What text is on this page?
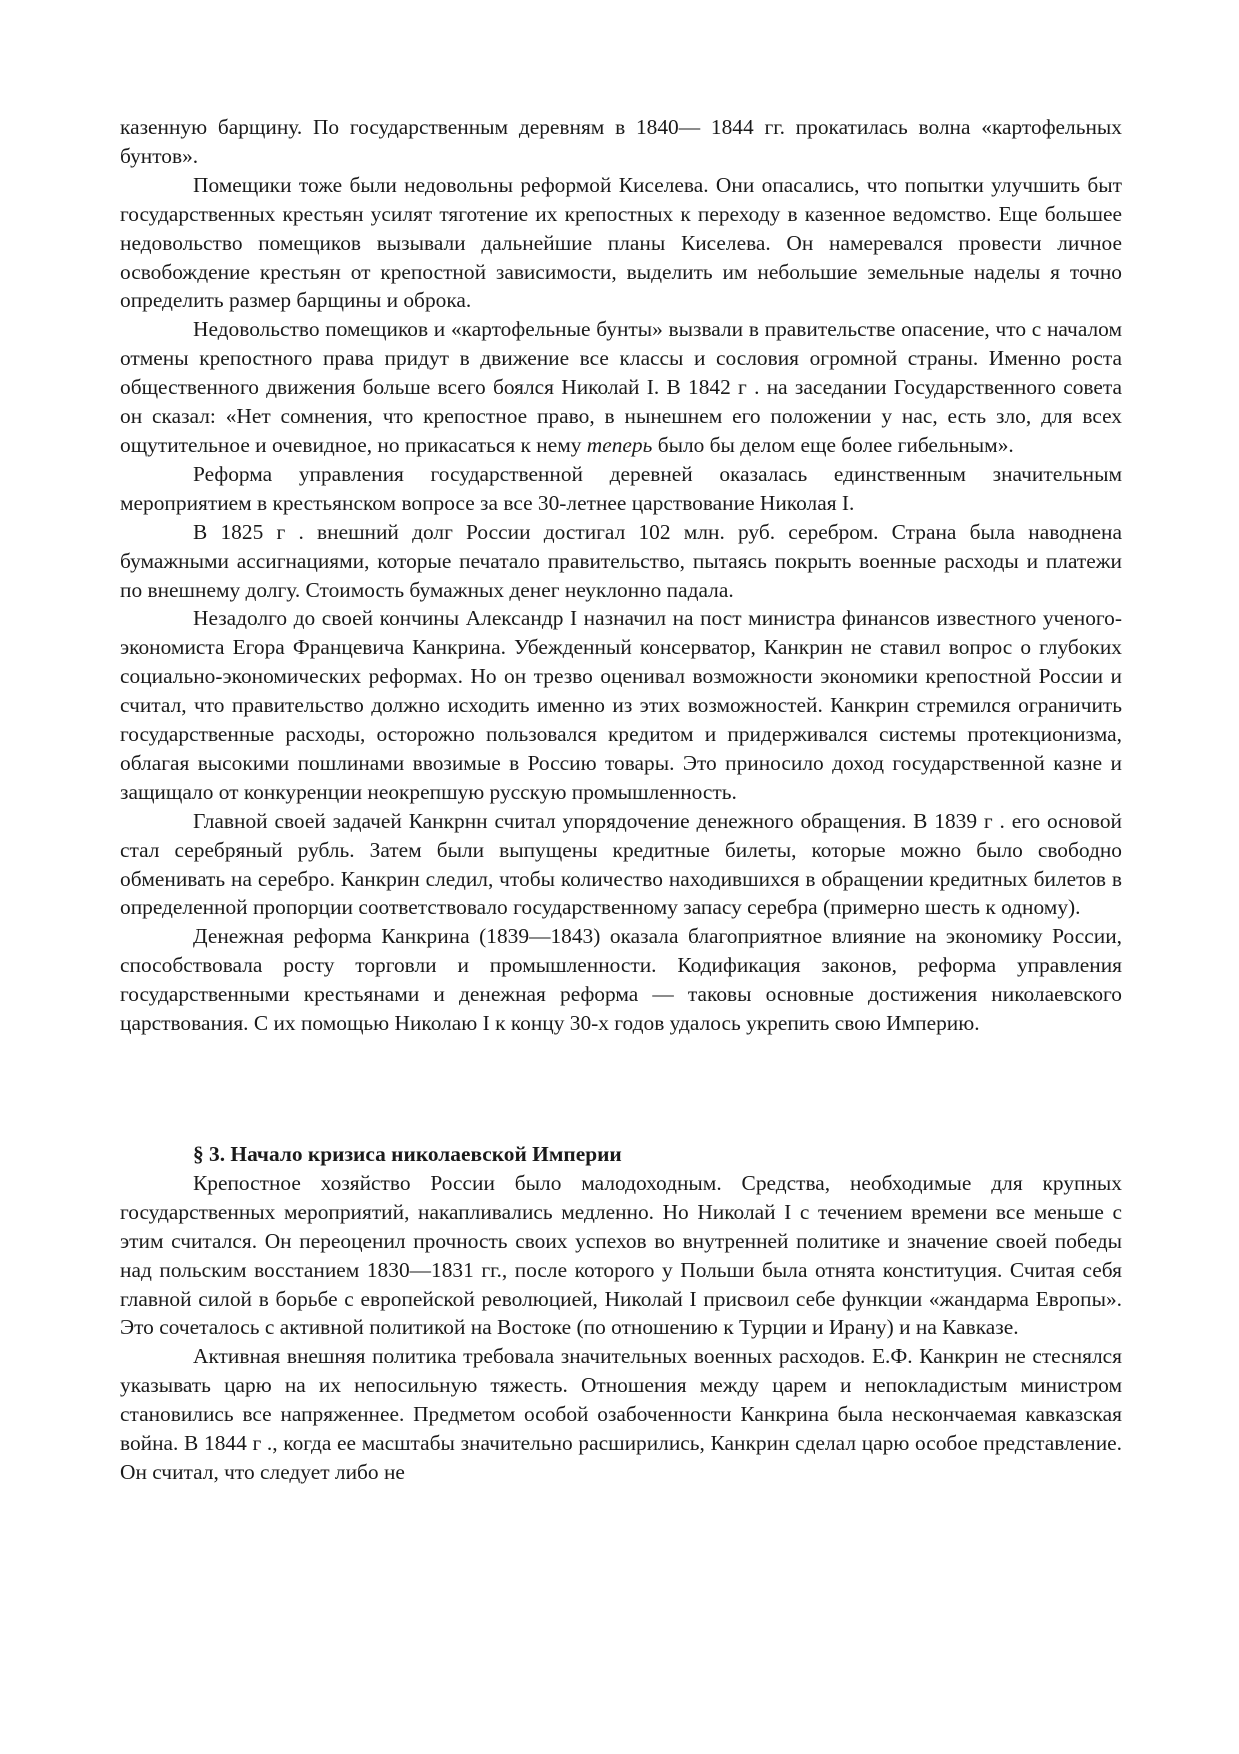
казенную барщину. По государственным деревням в 1840— 1844 гг. прокатилась волна «картофельных бунтов».

Помещики тоже были недовольны реформой Киселева. Они опасались, что попытки улучшить быт государственных крестьян усилят тяготение их крепостных к переходу в казенное ведомство. Еще большее недовольство помещиков вызывали дальнейшие планы Киселева. Он намеревался провести личное освобождение крестьян от крепостной зависимости, выделить им небольшие земельные наделы я точно определить размер барщины и оброка.

Недовольство помещиков и «картофельные бунты» вызвали в правительстве опасение, что с началом отмены крепостного права придут в движение все классы и сословия огромной страны. Именно роста общественного движения больше всего боялся Николай I. В 1842 г . на заседании Государственного совета он сказал: «Нет сомнения, что крепостное право, в нынешнем его положении у нас, есть зло, для всех ощутительное и очевидное, но прикасаться к нему теперь было бы делом еще более гибельным».

Реформа управления государственной деревней оказалась единственным значительным мероприятием в крестьянском вопросе за все 30-летнее царствование Николая I.

В 1825 г . внешний долг России достигал 102 млн. руб. серебром. Страна была наводнена бумажными ассигнациями, которые печатало правительство, пытаясь покрыть военные расходы и платежи по внешнему долгу. Стоимость бумажных денег неуклонно падала.

Незадолго до своей кончины Александр I назначил на пост министра финансов известного ученого-экономиста Егора Францевича Канкрина. Убежденный консерватор, Канкрин не ставил вопрос о глубоких социально-экономических реформах. Но он трезво оценивал возможности экономики крепостной России и считал, что правительство должно исходить именно из этих возможностей. Канкрин стремился ограничить государственные расходы, осторожно пользовался кредитом и придерживался системы протекционизма, облагая высокими пошлинами ввозимые в Россию товары. Это приносило доход государственной казне и защищало от конкуренции неокрепшую русскую промышленность.

Главной своей задачей Канкрнн считал упорядочение денежного обращения. В 1839 г . его основой стал серебряный рубль. Затем были выпущены кредитные билеты, которые можно было свободно обменивать на серебро. Канкрин следил, чтобы количество находившихся в обращении кредитных билетов в определенной пропорции соответствовало государственному запасу серебра (примерно шесть к одному).

Денежная реформа Канкрина (1839—1843) оказала благоприятное влияние на экономику России, способствовала росту торговли и промышленности. Кодификация законов, реформа управления государственными крестьянами и денежная реформа — таковы основные достижения николаевского царствования. С их помощью Николаю I к концу 30-х годов удалось укрепить свою Империю.

§ 3. Начало кризиса николаевской Империи

Крепостное хозяйство России было малодоходным. Средства, необходимые для крупных государственных мероприятий, накапливались медленно. Но Николай I с течением времени все меньше с этим считался. Он переоценил прочность своих успехов во внутренней политике и значение своей победы над польским восстанием 1830—1831 гг., после которого у Польши была отнята конституция. Считая себя главной силой в борьбе с европейской революцией, Николай I присвоил себе функции «жандарма Европы». Это сочеталось с активной политикой на Востоке (по отношению к Турции и Ирану) и на Кавказе.

Активная внешняя политика требовала значительных военных расходов. Е.Ф. Канкрин не стеснялся указывать царю на их непосильную тяжесть. Отношения между царем и непокладистым министром становились все напряженнее. Предметом особой озабоченности Канкрина была нескончаемая кавказская война. В 1844 г ., когда ее масштабы значительно расширились, Канкрин сделал царю особое представление. Он считал, что следует либо не
